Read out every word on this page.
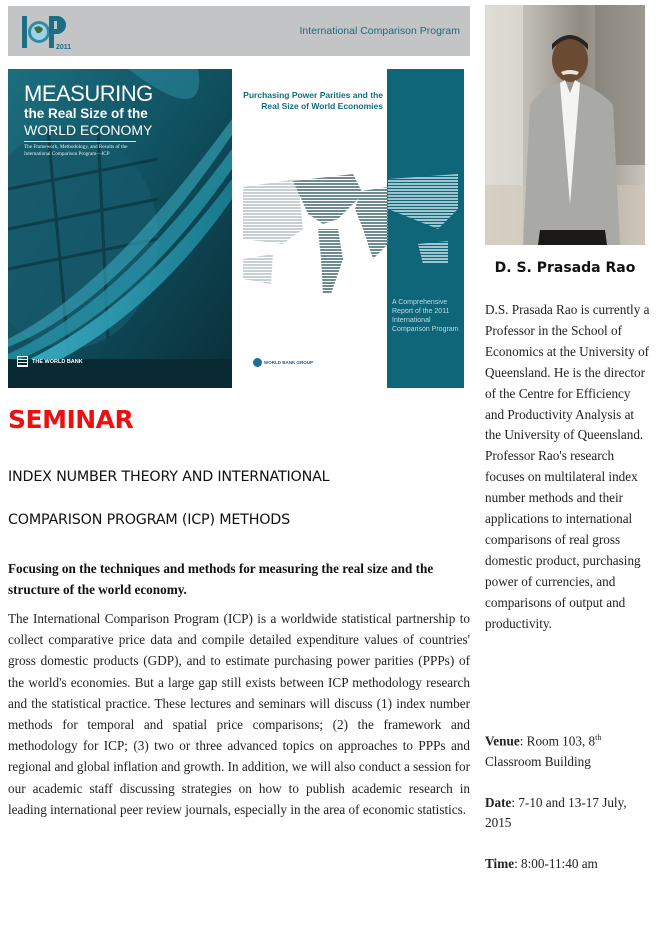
2011
International Comparison Program
MEASURING
the Real Size of the
WORLD ECONOMY
The Framework, Methodology, and Results of the International Comparison Program—ICP
THE WORLD BANK
Purchasing Power Parities and the Real Size of World Economies
A Comprehensive Report of the 2011 International Comparison Program
WORLD BANK GROUP
D. S. Prasada Rao
D.S. Prasada Rao is currently a Professor in the School of Economics at the University of Queensland. He is the director of the Centre for Efficiency and Productivity Analysis at the University of Queensland. Professor Rao's research focuses on multilateral index number methods and their applications to international comparisons of real gross domestic product, purchasing power of currencies, and comparisons of output and productivity.

Venue: Room 103, 8th Classroom Building

Date: 7-10 and 13-17 July, 2015

Time: 8:00-11:40 am

SEMINAR
INDEX NUMBER THEORY AND INTERNATIONAL
COMPARISON PROGRAM (ICP) METHODS
Focusing on the techniques and methods for measuring the real size and the structure of the world economy.
The International Comparison Program (ICP) is a worldwide statistical partnership to collect comparative price data and compile detailed expenditure values of countries' gross domestic products (GDP), and to estimate purchasing power parities (PPPs) of the world's economies. But a large gap still exists between ICP methodology research and the statistical practice. These lectures and seminars will discuss (1) index number methods for temporal and spatial price comparisons; (2) the framework and methodology for ICP; (3) two or three advanced topics on approaches to PPPs and regional and global inflation and growth. In addition, we will also conduct a session for our academic staff discussing strategies on how to publish academic research in leading international peer review journals, especially in the area of economic statistics.
